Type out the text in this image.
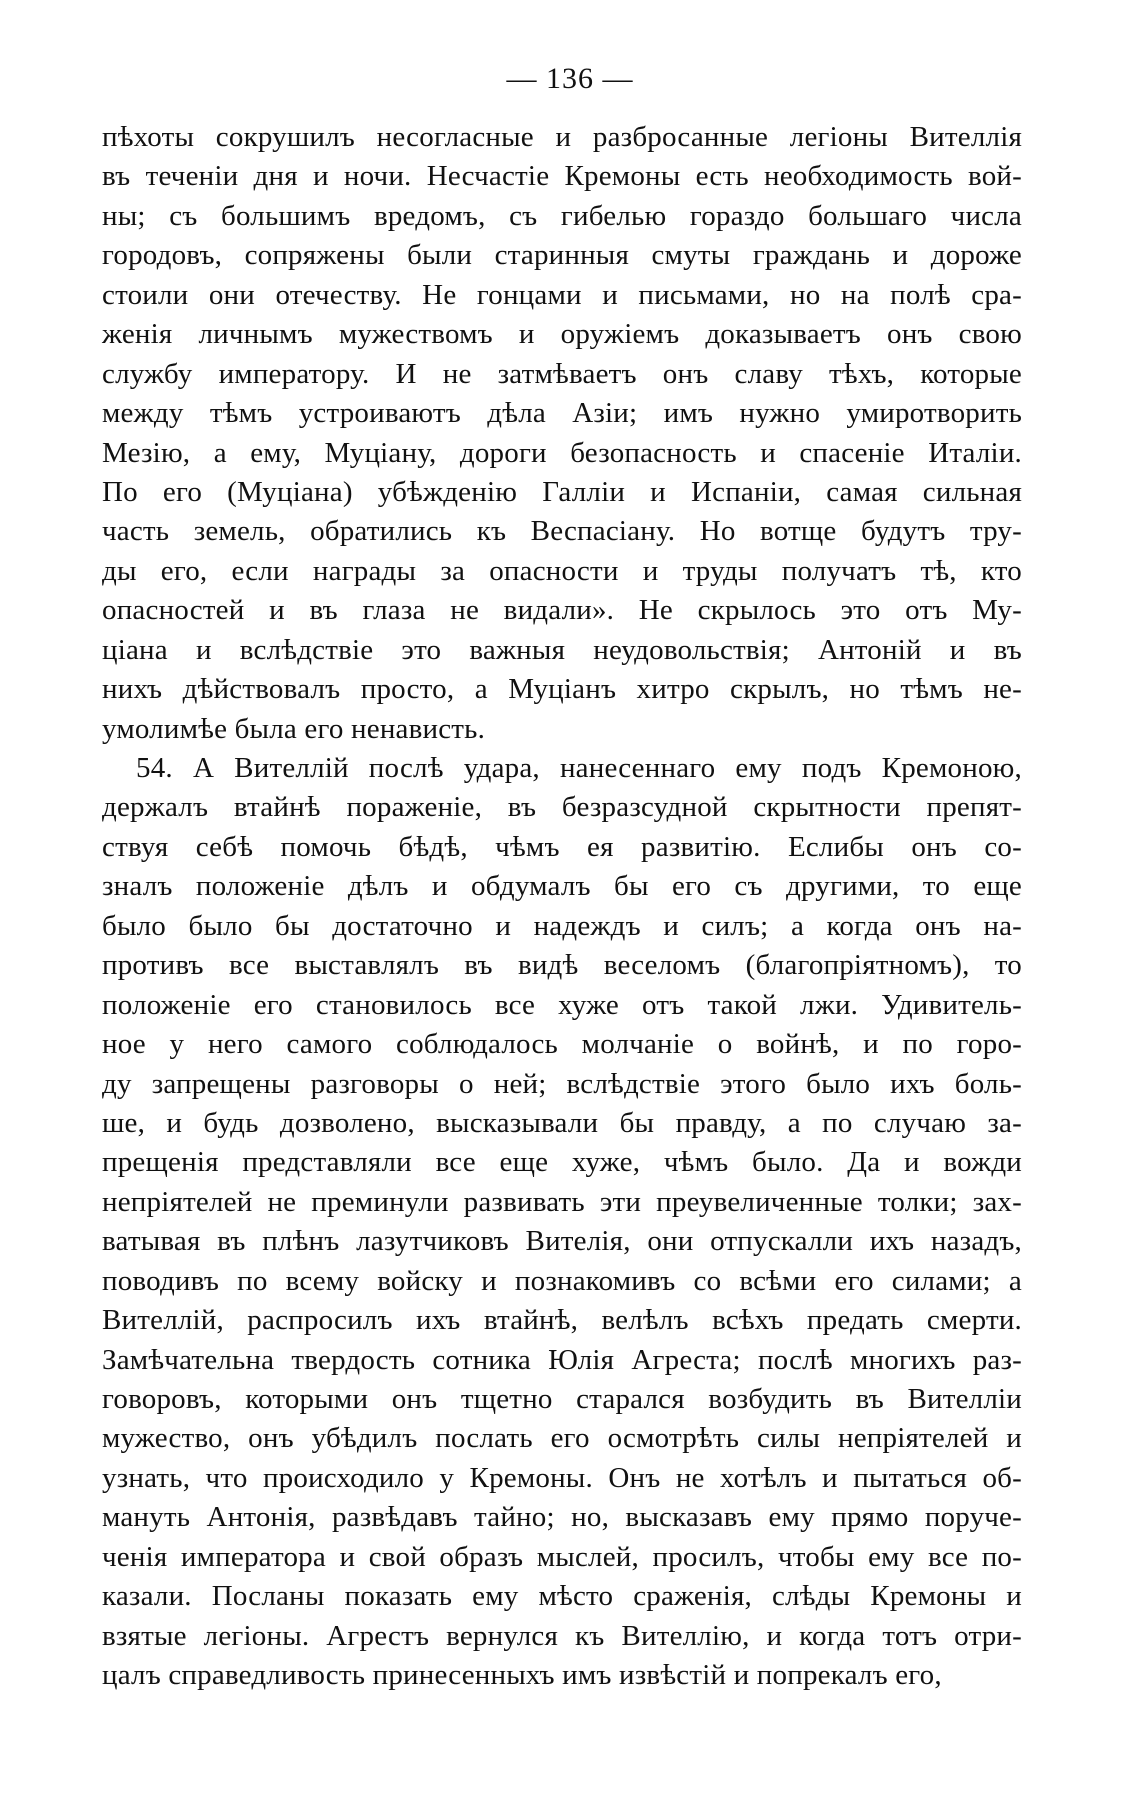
— 136 —
пѣхоты сокрушилъ несогласные и разбросанные легіоны Вителлія
въ теченіи дня и ночи. Несчастіе Кремоны есть необходимость вой-
ны; съ большимъ вредомъ, съ гибелью гораздо большаго числа
городовъ, сопряжены были старинныя смуты граждань и дороже
стоили они отечеству. Не гонцами и письмами, но на полѣ сра-
женія личнымъ мужествомъ и оружіемъ доказываетъ онъ свою
службу императору. И не затмѣваетъ онъ славу тѣхъ, которые
между тѣмъ устроиваютъ дѣла Азіи; имъ нужно умиротворить
Мезію, а ему, Муціану, дороги безопасность и спасеніе Италіи.
По его (Муціана) убѣжденію Галліи и Испаніи, самая сильная
часть земель, обратились къ Веспасіану. Но вотще будутъ тру-
ды его, если награды за опасности и труды получатъ тѣ, кто
опасностей и въ глаза не видали». Не скрылось это отъ Му-
ціана и вслѣдствіе это важныя неудовольствія; Антоній и въ
нихъ дѣйствовалъ просто, а Муціанъ хитро скрылъ, но тѣмъ не-
умолимѣе была его ненависть.
54. А Вителлій послѣ удара, нанесеннаго ему подъ Кремоною,
держалъ втайнѣ пораженіе, въ безразсудной скрытности препят-
ствуя себѣ помочь бѣдѣ, чѣмъ ея развитію. Еслибы онъ со-
зналъ положеніе дѣлъ и обдумалъ бы его съ другими, то еще
было было бы достаточно и надеждъ и силъ; а когда онъ на-
противъ все выставлялъ въ видѣ веселомъ (благопріятномъ), то
положеніе его становилось все хуже отъ такой лжи. Удивитель-
ное у него самого соблюдалось молчаніе о войнѣ, и по горо-
ду запрещены разговоры о ней; вслѣдствіе этого было ихъ боль-
ше, и будь дозволено, высказывали бы правду, а по случаю за-
прещенія представляли все еще хуже, чѣмъ было. Да и вожди
непріятелей не преминули развивать эти преувеличенные толки; зах-
ватывая въ плѣнъ лазутчиковъ Вителія, они отпускалли ихъ назадъ,
поводивъ по всему войску и познакомивъ со всѣми его силами; а
Вителлій, распросилъ ихъ втайнѣ, велѣлъ всѣхъ предать смерти.
Замѣчательна твердость сотника Юлія Агреста; послѣ многихъ раз-
говоровъ, которыми онъ тщетно старался возбудить въ Вителліи
мужество, онъ убѣдилъ послать его осмотрѣть силы непріятелей и
узнать, что происходило у Кремоны. Онъ не хотѣлъ и пытаться об-
мануть Антонія, развѣдавъ тайно; но, высказавъ ему прямо поруче-
ченія императора и свой образъ мыслей, просилъ, чтобы ему все по-
казали. Посланы показать ему мѣсто сраженія, слѣды Кремоны и
взятые легіоны. Агрестъ вернулся къ Вителлію, и когда тотъ отри-
цалъ справедливость принесенныхъ имъ извѣстій и попрекалъ его,
